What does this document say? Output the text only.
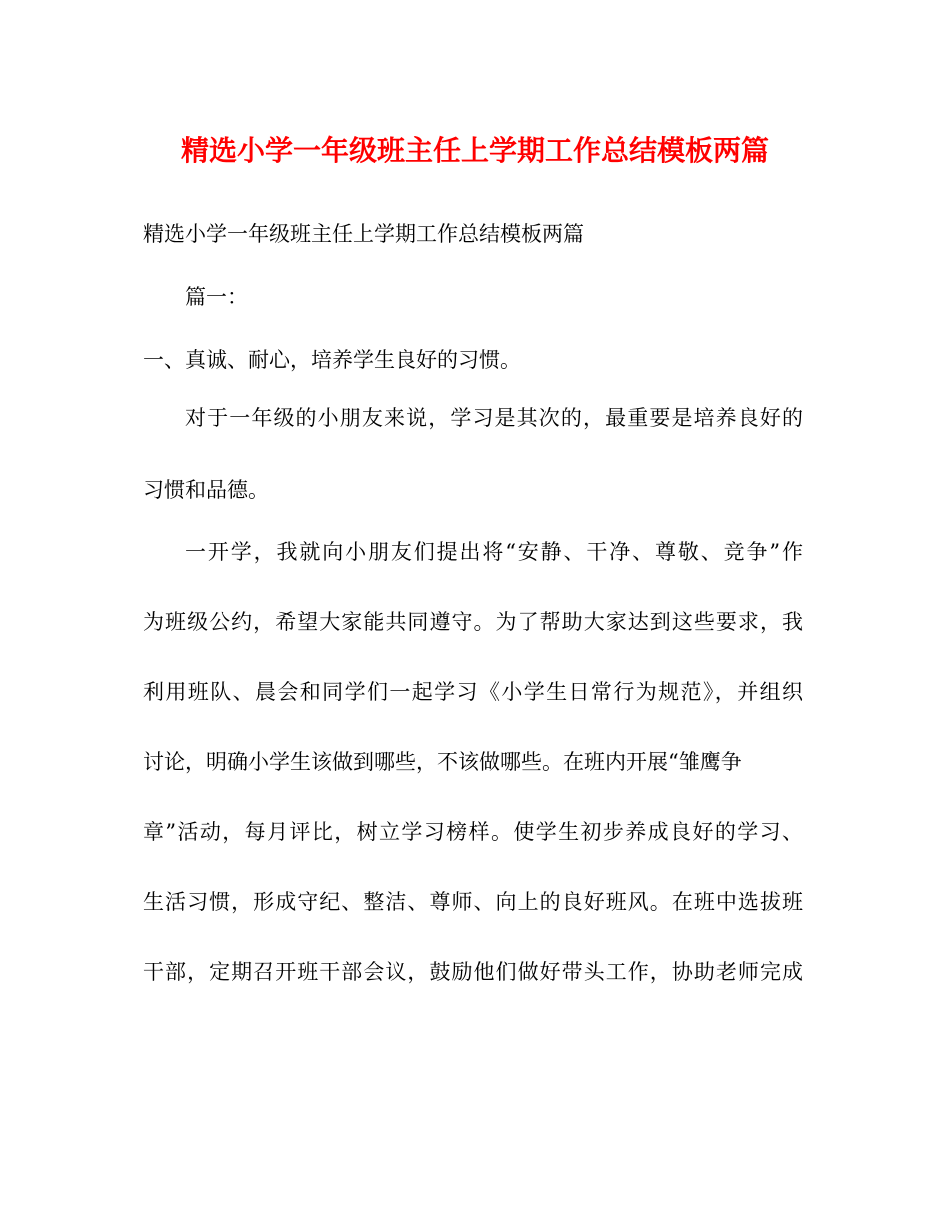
精选小学一年级班主任上学期工作总结模板两篇

精选小学一年级班主任上学期工作总结模板两篇

篇一：

一、真诚、耐心，培养学生良好的习惯。

对于一年级的小朋友来说，学习是其次的，最重要是培养良好的

习惯和品德。

一开学，我就向小朋友们提出将“安静、干净、尊敬、竞争”作

为班级公约，希望大家能共同遵守。为了帮助大家达到这些要求，我

利用班队、晨会和同学们一起学习《小学生日常行为规范》，并组织

讨论，明确小学生该做到哪些，不该做哪些。在班内开展“雏鹰争

章”活动，每月评比，树立学习榜样。使学生初步养成良好的学习、

生活习惯，形成守纪、整洁、尊师、向上的良好班风。在班中选拔班

干部，定期召开班干部会议，鼓励他们做好带头工作，协助老师完成
